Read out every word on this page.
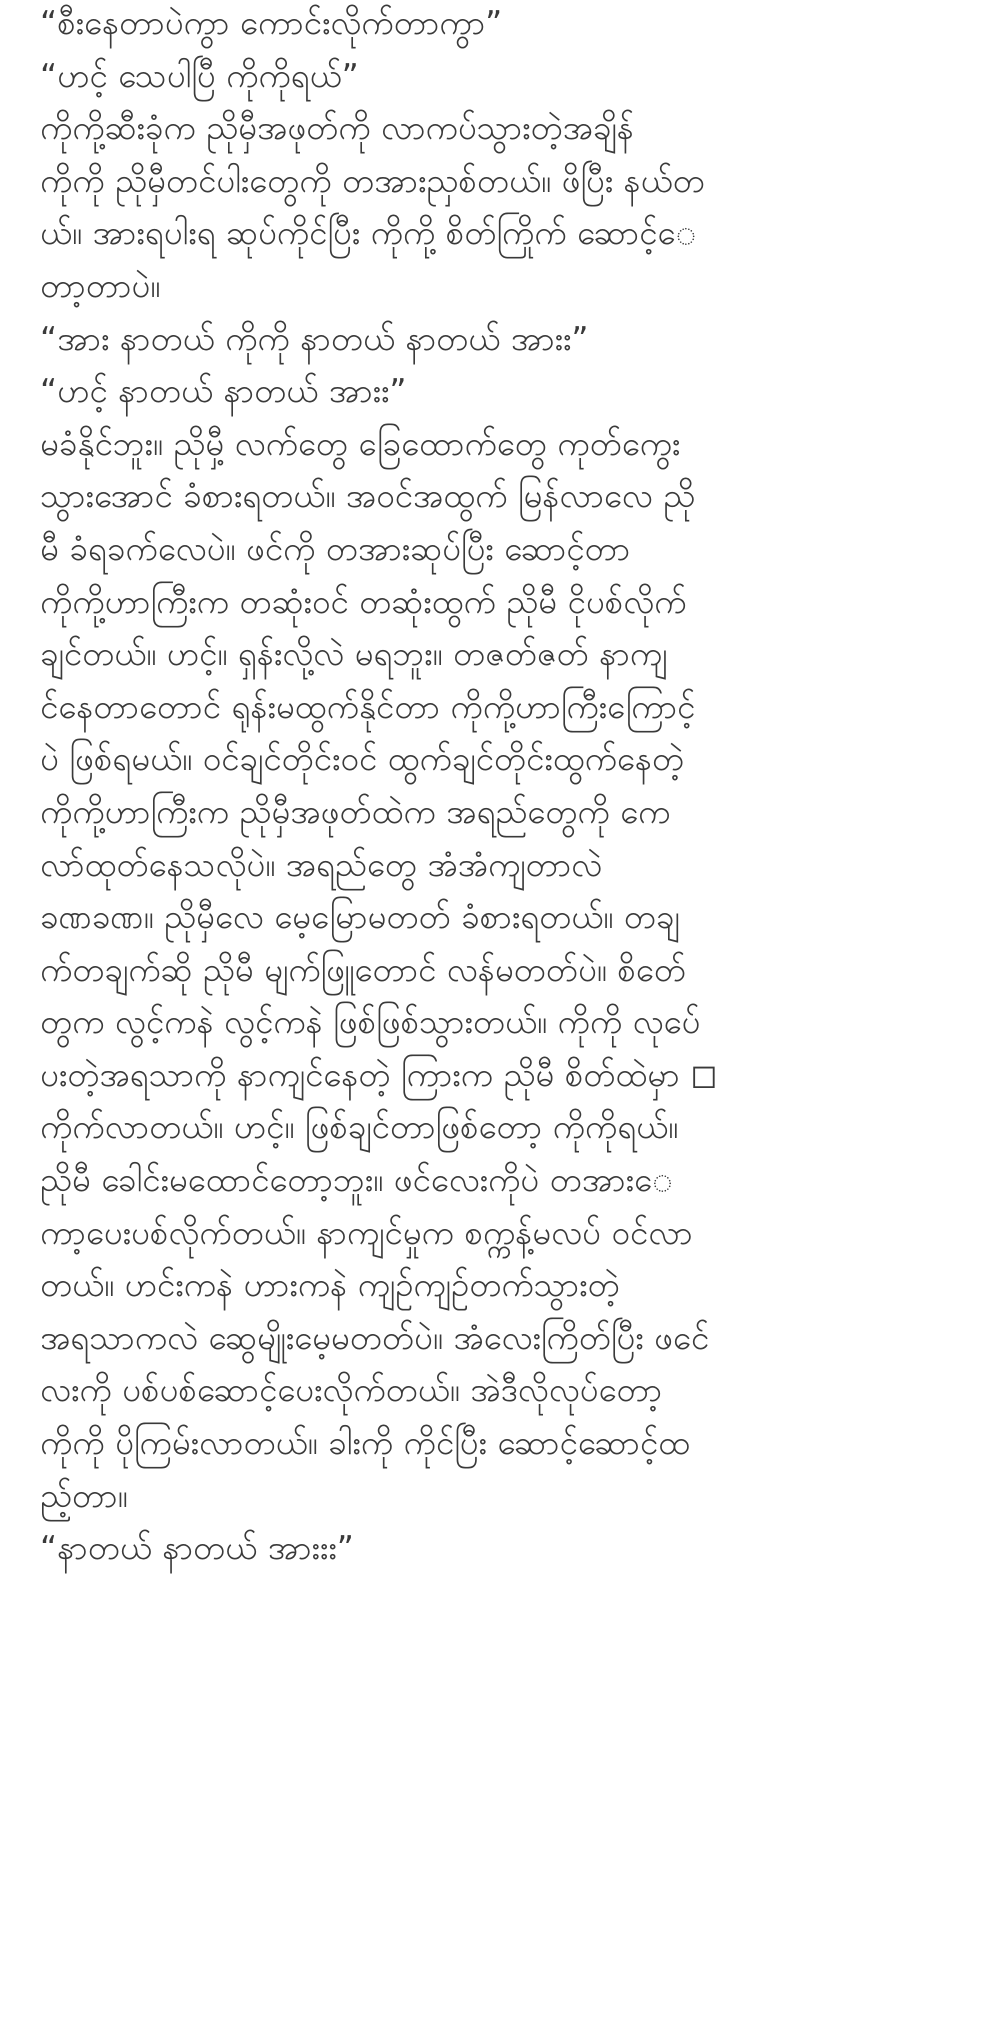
“စီးနေတာပဲကွာ ကောင်းလိုက်တာကွာ”
“ဟင့် သေပါပြီ ကိုကိုရယ်”
ကိုကို့ဆီးခုံက ညိုမှီအဖုတ်ကို လာကပ်သွားတဲ့အချိန်
ကိုကို ညိုမှီတင်ပါးတွေကို တအားညှစ်တယ်။ ဖိပြီး နယ်တ
ယ်။ အားရပါးရ ဆုပ်ကိုင်ပြီး ကိုကို့ စိတ်ကြိုက် ဆောင့်ေ
တာ့တာပဲ။
“အား နာတယ် ကိုကို နာတယ် နာတယ် အားး”
“ဟင့် နာတယ် နာတယ် အားး”
မခံနိုင်ဘူး။ ညိုမှီ့ လက်တွေ ခြေထောက်တွေ ကုတ်ကွေး
သွားအောင် ခံစားရတယ်။ အဝင်အထွက် မြန်လာလေ ညို
မီ ခံရခက်လေပဲ။ ဖင်ကို တအားဆုပ်ပြီး ဆောင့်တာ
ကိုကို့ဟာကြီးက တဆုံးဝင် တဆုံးထွက် ညိုမီ ငိုပစ်လိုက်
ချင်တယ်။ ဟင့်။ ရှန်းလို့လဲ မရဘူး။ တဇတ်ဇတ် နာကျ
င်နေတာတောင် ရုန်းမထွက်နိုင်တာ ကိုကို့ဟာကြီးကြောင့်
ပဲ ဖြစ်ရမယ်။ ဝင်ချင်တိုင်းဝင် ထွက်ချင်တိုင်းထွက်နေတဲ့
ကိုကို့ဟာကြီးက ညိုမှီအဖုတ်ထဲက အရည်တွေကို ကေ
လာ်ထုတ်နေသလိုပဲ။ အရည်တွေ အံအံကျတာလဲ
ခဏခဏ။ ညိုမှီလေ မေ့မြောမတတ် ခံစားရတယ်။ တချ
က်တချက်ဆို ညိုမီ မျက်ဖြူတောင် လန်မတတ်ပဲ။ စိတ်ေ
တွက လွင့်ကနဲ လွင့်ကနဲ ဖြစ်ဖြစ်သွားတယ်။ ကိုကို လုပ်ေ
ပးတဲ့အရသာကို နာကျင်နေတဲ့ ကြားက ညိုမီ စိတ်ထဲမှာ ◻
ကိုက်လာတယ်။ ဟင့်။ ဖြစ်ချင်တာဖြစ်တော့ ကိုကိုရယ်။
ညိုမီ ခေါင်းမထောင်တော့ဘူး။ ဖင်လေးကိုပဲ တအားေ
ကာ့ပေးပစ်လိုက်တယ်။ နာကျင်မှုက စက္ကန့်မလပ် ဝင်လာ
တယ်။ ဟင်းကနဲ ဟားကနဲ ကျဉ်ကျဉ်တက်သွားတဲ့
အရသာကလဲ ဆွေမျိုးမေ့မတတ်ပဲ။ အံလေးကြိတ်ပြီး ဖင်ေ
လးကို ပစ်ပစ်ဆောင့်ပေးလိုက်တယ်။ အဲဒီလိုလုပ်တော့
ကိုကို ပိုကြမ်းလာတယ်။ ခါးကို ကိုင်ပြီး ဆောင့်ဆောင့်ထ
ည့်တာ။
“နာတယ် နာတယ် အားးး”
